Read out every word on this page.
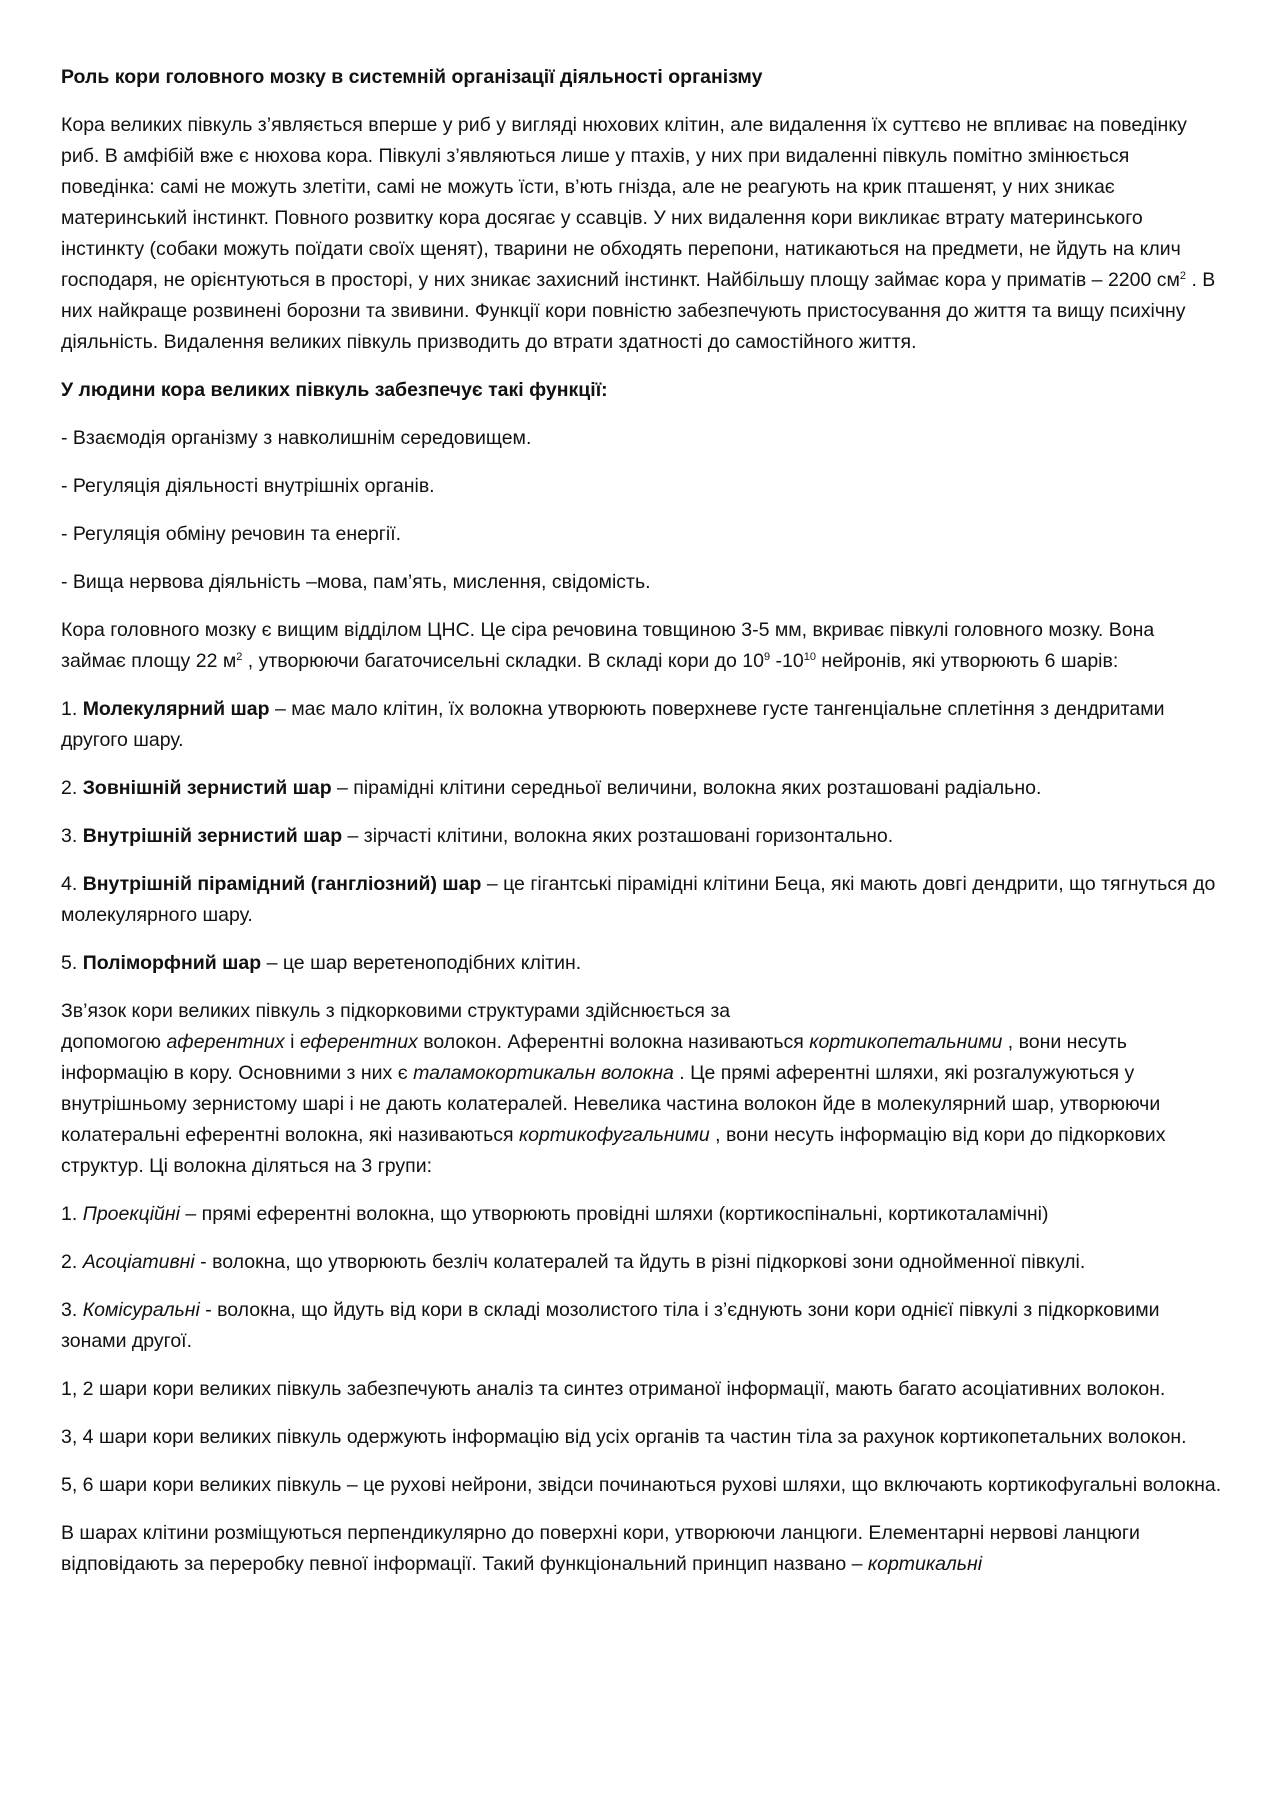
Роль кори головного мозку в системній організації діяльності організму

Кора великих півкуль з’являється вперше у риб у вигляді нюхових клітин, але видалення їх суттєво не впливає на поведінку риб. В амфібій вже є нюхова кора. Півкулі з’являються лише у птахів, у них при видаленні півкуль помітно змінюється поведінка: самі не можуть злетіти, самі не можуть їсти, в’ють гнізда, але не реагують на крик пташенят, у них зникає материнський інстинкт. Повного розвитку кора досягає у ссавців. У них видалення кори викликає втрату материнського інстинкту (собаки можуть поїдати своїх щенят), тварини не обходять перепони, натикаються на предмети, не йдуть на клич господаря, не орієнтуються в просторі, у них зникає захисний інстинкт. Найбільшу площу займає кора у приматів – 2200 $см^2$ . В них найкраще розвинені борозни та звивини. Функції кори повністю забезпечують пристосування до життя та вищу психічну діяльність. Видалення великих півкуль призводить до втрати здатності до самостійного життя.

У людини кора великих півкуль забезпечує такі функції:

- Взаємодія організму з навколишнім середовищем.

- Регуляція діяльності внутрішніх органів.

- Регуляція обміну речовин та енергії.

- Вища нервова діяльність –мова, пам’ять, мислення, свідомість.

Кора головного мозку є вищим відділом ЦНС. Це сіра речовина товщиною 3-5 мм, вкриває півкулі головного мозку. Вона займає площу 22 $м^2$ , утворюючи багаточисельні складки. В складі кори до $10^9$ $-10^{10}$ нейронів, які утворюють 6 шарів:

1. Молекулярний шар – має мало клітин, їх волокна утворюють поверхневе густе тангенціальне сплетіння з дендритами другого шару.

2. Зовнішній зернистий шар – пірамідні клітини середньої величини, волокна яких розташовані радіально.

3. Внутрішній зернистий шар – зірчасті клітини, волокна яких розташовані горизонтально.

4. Внутрішній пірамідний (гангліозний) шар – це гігантські пірамідні клітини Беца, які мають довгі дендрити, що тягнуться до молекулярного шару.

5. Поліморфний шар – це шар веретеноподібних клітин.

Зв’язок кори великих півкуль з підкорковими структурами здійснюється за
допомогою аферентних і еферентних волокон. Аферентні волокна називаються кортикопетальними , вони несуть інформацію в кору. Основними з них є таламокортикальн волокна . Це прямі аферентні шляхи, які розгалужуються у внутрішньому зернистому шарі і не дають колатералей. Невелика частина волокон йде в молекулярний шар, утворюючи колатеральні еферентні волокна, які називаються кортикофугальними , вони несуть інформацію від кори до підкоркових структур. Ці волокна діляться на 3 групи:

1. Проекційні – прямі еферентні волокна, що утворюють провідні шляхи (кортикоспінальні, кортикоталамічні)

2. Асоціативні - волокна, що утворюють безліч колатералей та йдуть в різні підкоркові зони однойменної півкулі.

3. Комісуральні - волокна, що йдуть від кори в складі мозолистого тіла і з’єднують зони кори однієї півкулі з підкорковими зонами другої.

1, 2 шари кори великих півкуль забезпечують аналіз та синтез отриманої інформації, мають багато асоціативних волокон.

3, 4 шари кори великих півкуль одержують інформацію від усіх органів та частин тіла за рахунок кортикопетальних волокон.

5, 6 шари кори великих півкуль – це рухові нейрони, звідси починаються рухові шляхи, що включають кортикофугальні волокна.

В шарах клітини розміщуються перпендикулярно до поверхні кори, утворюючи ланцюги. Елементарні нервові ланцюги відповідають за переробку певної інформації. Такий функціональний принцип названо – кортикальні
